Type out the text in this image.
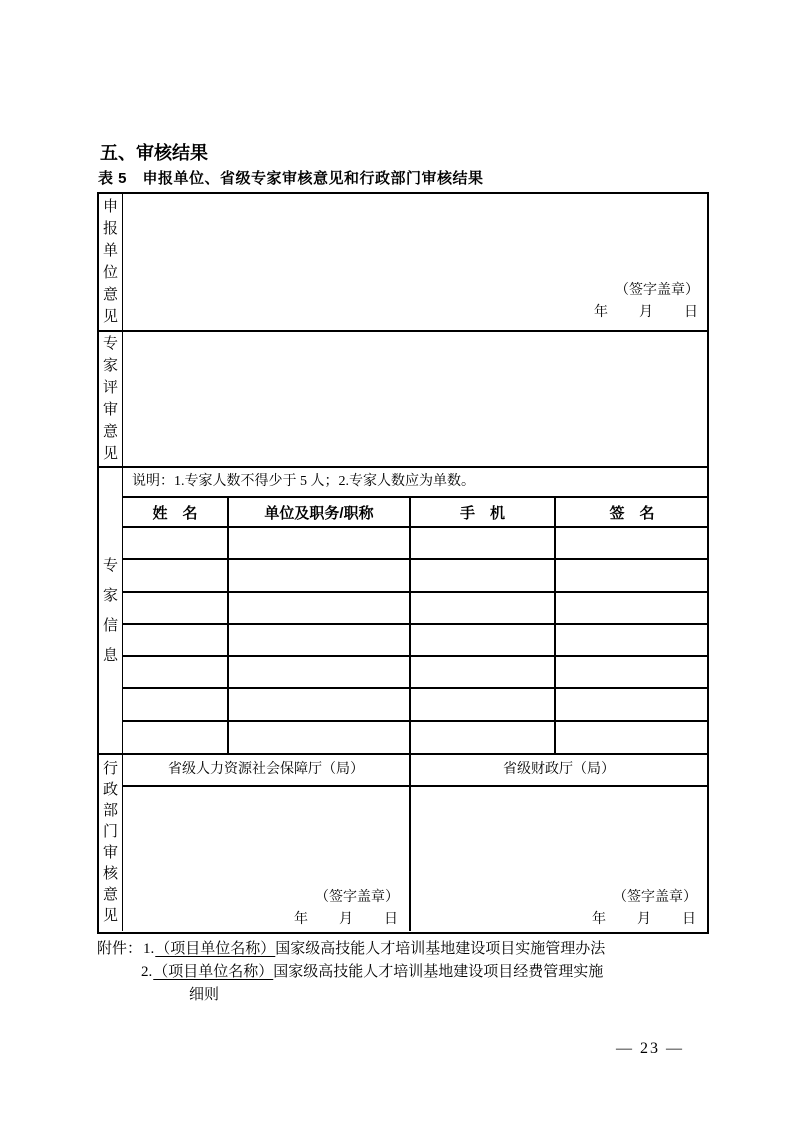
五、审核结果
表 5　申报单位、省级专家审核意见和行政部门审核结果
申报单位意见
（签字盖章）
年　　月　　日
专家评审意见
专家信息
说明：1.专家人数不得少于 5 人；2.专家人数应为单数。
姓　名	单位及职务/职称	手　机	签　名

行政部门审核意见
省级人力资源社会保障厅（局）	省级财政厅（局）
（签字盖章）
年　　月　　日
（签字盖章）
年　　月　　日
附件：1.（项目单位名称）国家级高技能人才培训基地建设项目实施管理办法
2.（项目单位名称）国家级高技能人才培训基地建设项目经费管理实施
细则
— 23 —
